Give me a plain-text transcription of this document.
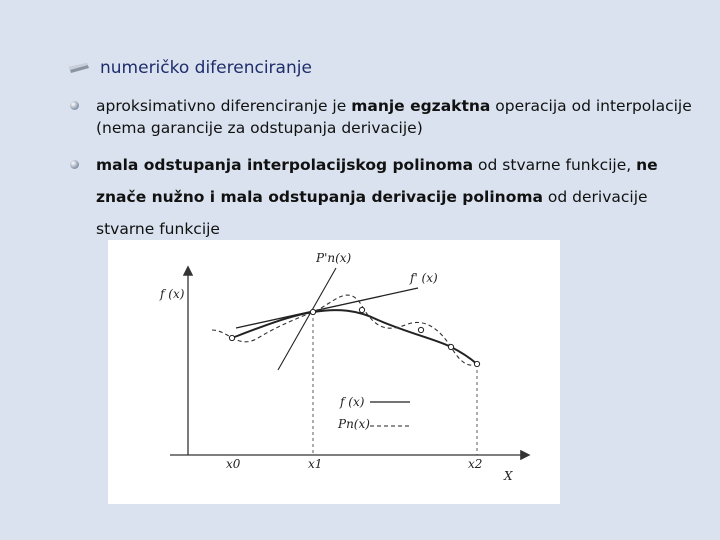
numeričko diferenciranje
aproksimativno diferenciranje je manje egzaktna operacija od interpolacije (nema garancije za odstupanja derivacije)
mala odstupanja interpolacijskog polinoma od stvarne funkcije, ne znače nužno i mala odstupanja derivacije polinoma od derivacije stvarne funkcije
f (x)
X
P'n(x)
f' (x)
x0	x1	x2
f (x)
Pn(x)
